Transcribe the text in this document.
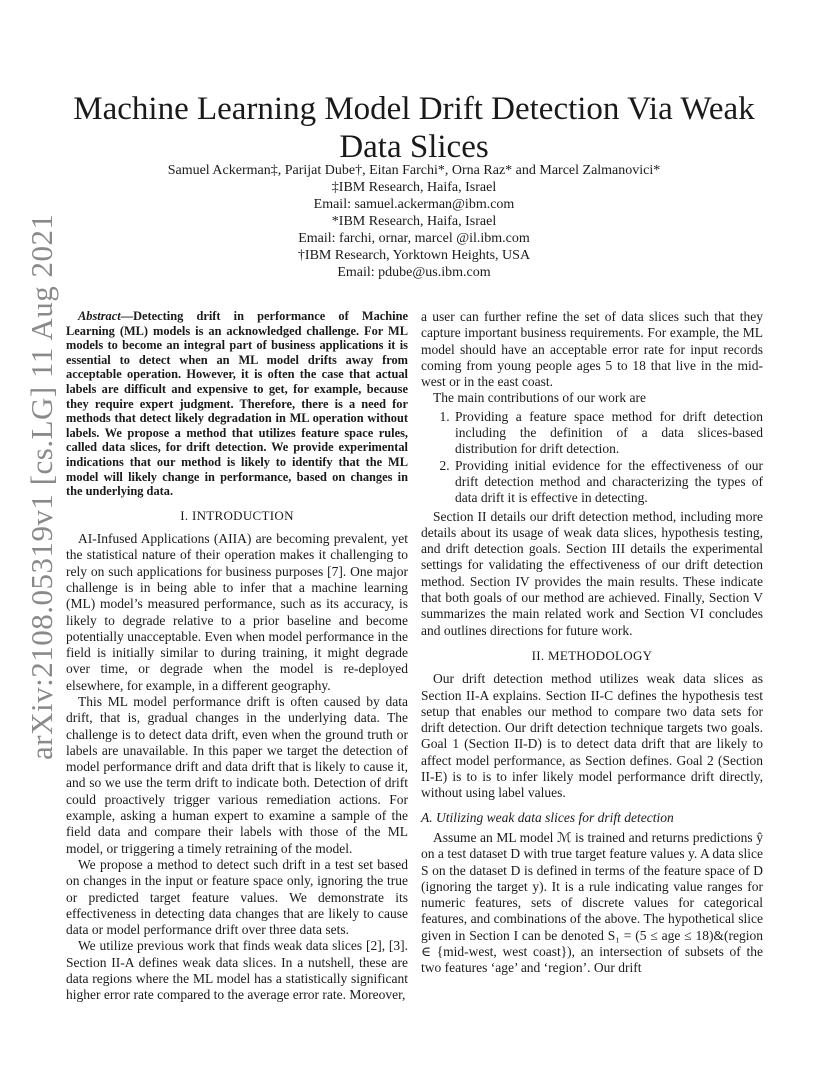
arXiv:2108.05319v1 [cs.LG] 11 Aug 2021
Machine Learning Model Drift Detection Via Weak Data Slices
Samuel Ackerman‡, Parijat Dube†, Eitan Farchi*, Orna Raz* and Marcel Zalmanovici*
‡IBM Research, Haifa, Israel
Email: samuel.ackerman@ibm.com
*IBM Research, Haifa, Israel
Email: farchi, ornar, marcel @il.ibm.com
†IBM Research, Yorktown Heights, USA
Email: pdube@us.ibm.com

Abstract—Detecting drift in performance of Machine Learning (ML) models is an acknowledged challenge. For ML models to become an integral part of business applications it is essential to detect when an ML model drifts away from acceptable operation. However, it is often the case that actual labels are difficult and expensive to get, for example, because they require expert judgment. Therefore, there is a need for methods that detect likely degradation in ML operation without labels. We propose a method that utilizes feature space rules, called data slices, for drift detection. We provide experimental indications that our method is likely to identify that the ML model will likely change in performance, based on changes in the underlying data.

I. INTRODUCTION

AI-Infused Applications (AIIA) are becoming prevalent, yet the statistical nature of their operation makes it challenging to rely on such applications for business purposes [7]. One major challenge is in being able to infer that a machine learning (ML) model’s measured performance, such as its accuracy, is likely to degrade relative to a prior baseline and become potentially unacceptable. Even when model performance in the field is initially similar to during training, it might degrade over time, or degrade when the model is re-deployed elsewhere, for example, in a different geography.

This ML model performance drift is often caused by data drift, that is, gradual changes in the underlying data. The challenge is to detect data drift, even when the ground truth or labels are unavailable. In this paper we target the detection of model performance drift and data drift that is likely to cause it, and so we use the term drift to indicate both. Detection of drift could proactively trigger various remediation actions. For example, asking a human expert to examine a sample of the field data and compare their labels with those of the ML model, or triggering a timely retraining of the model.

We propose a method to detect such drift in a test set based on changes in the input or feature space only, ignoring the true or predicted target feature values. We demonstrate its effectiveness in detecting data changes that are likely to cause data or model performance drift over three data sets.

We utilize previous work that finds weak data slices [2], [3]. Section II-A defines weak data slices. In a nutshell, these are data regions where the ML model has a statistically significant higher error rate compared to the average error rate. Moreover,

a user can further refine the set of data slices such that they capture important business requirements. For example, the ML model should have an acceptable error rate for input records coming from young people ages 5 to 18 that live in the mid-west or in the east coast.

The main contributions of our work are

1. Providing a feature space method for drift detection including the definition of a data slices-based distribution for drift detection.
2. Providing initial evidence for the effectiveness of our drift detection method and characterizing the types of data drift it is effective in detecting.

Section II details our drift detection method, including more details about its usage of weak data slices, hypothesis testing, and drift detection goals. Section III details the experimental settings for validating the effectiveness of our drift detection method. Section IV provides the main results. These indicate that both goals of our method are achieved. Finally, Section V summarizes the main related work and Section VI concludes and outlines directions for future work.

II. METHODOLOGY

Our drift detection method utilizes weak data slices as Section II-A explains. Section II-C defines the hypothesis test setup that enables our method to compare two data sets for drift detection. Our drift detection technique targets two goals. Goal 1 (Section II-D) is to detect data drift that are likely to affect model performance, as Section defines. Goal 2 (Section II-E) is to is to infer likely model performance drift directly, without using label values.

A. Utilizing weak data slices for drift detection

Assume an ML model ℳ is trained and returns predictions ŷ on a test dataset D with true target feature values y. A data slice S on the dataset D is defined in terms of the feature space of D (ignoring the target y). It is a rule indicating value ranges for numeric features, sets of discrete values for categorical features, and combinations of the above. The hypothetical slice given in Section I can be denoted S₁ = (5 ≤ age ≤ 18)&(region ∈ {mid-west, west coast}), an intersection of subsets of the two features ‘age’ and ‘region’. Our drift
